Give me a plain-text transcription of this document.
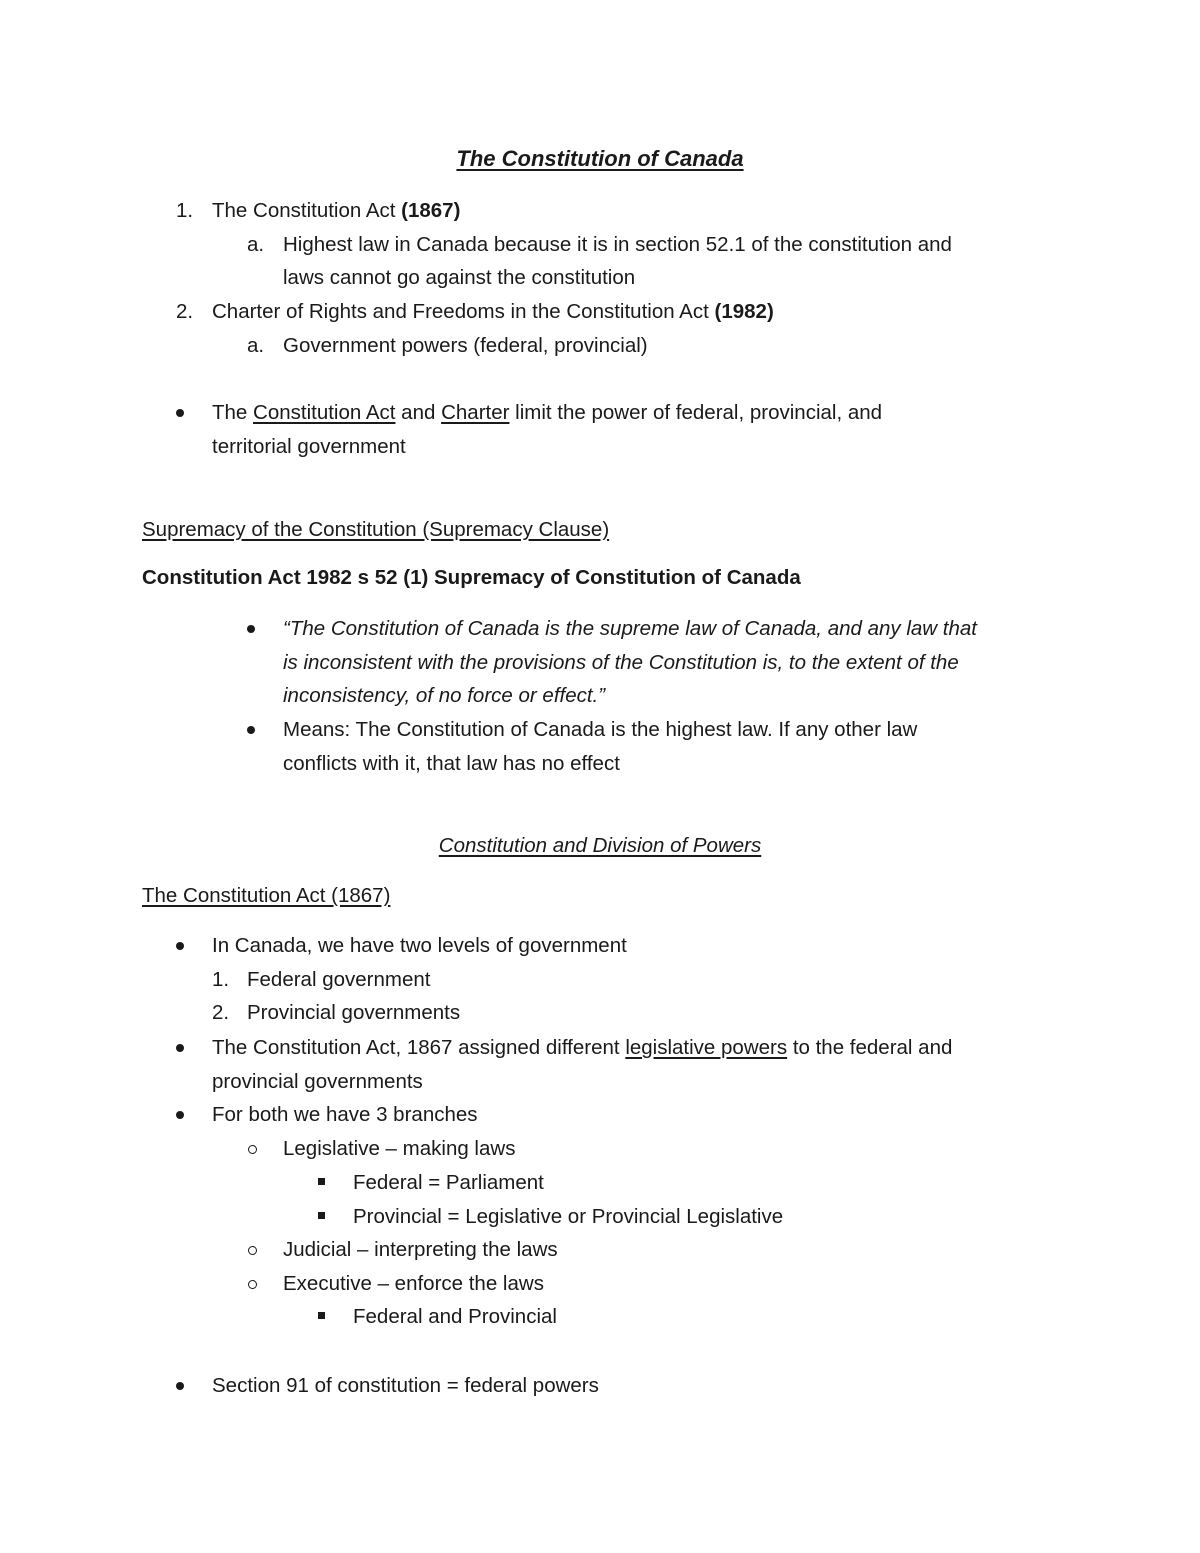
The Constitution of Canada
1. The Constitution Act (1867)
a. Highest law in Canada because it is in section 52.1 of the constitution and
laws cannot go against the constitution
2. Charter of Rights and Freedoms in the Constitution Act (1982)
a. Government powers (federal, provincial)
The Constitution Act and Charter limit the power of federal, provincial, and
territorial government
Supremacy of the Constitution (Supremacy Clause)
Constitution Act 1982 s 52 (1) Supremacy of Constitution of Canada
“The Constitution of Canada is the supreme law of Canada, and any law that
is inconsistent with the provisions of the Constitution is, to the extent of the
inconsistency, of no force or effect.”
Means: The Constitution of Canada is the highest law. If any other law
conflicts with it, that law has no effect
Constitution and Division of Powers
The Constitution Act (1867)
In Canada, we have two levels of government
1. Federal government
2. Provincial governments
The Constitution Act, 1867 assigned different legislative powers to the federal and
provincial governments
For both we have 3 branches
Legislative – making laws
Federal = Parliament
Provincial = Legislative or Provincial Legislative
Judicial – interpreting the laws
Executive – enforce the laws
Federal and Provincial
Section 91 of constitution = federal powers
